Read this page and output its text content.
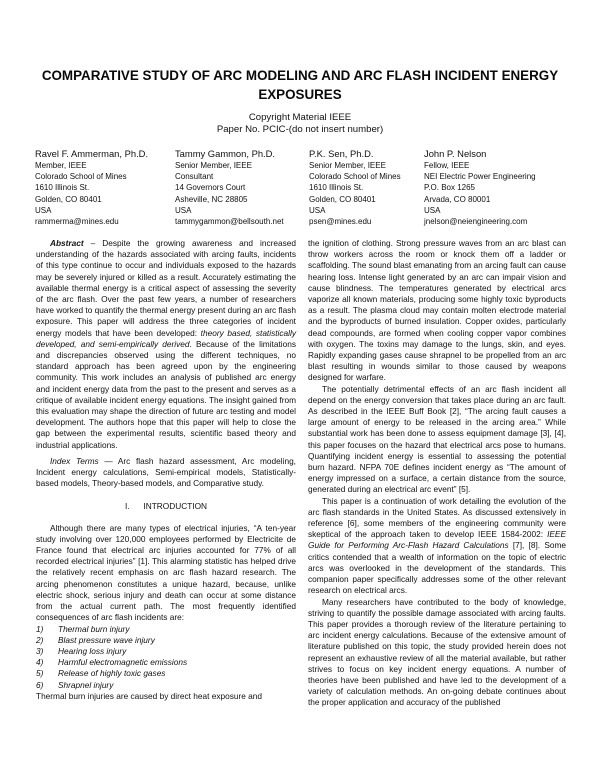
COMPARATIVE STUDY OF ARC MODELING AND ARC FLASH INCIDENT ENERGY EXPOSURES
Copyright Material IEEE
Paper No. PCIC-(do not insert number)
Ravel F. Ammerman, Ph.D.
Member, IEEE
Colorado School of Mines
1610 Illinois St.
Golden, CO 80401
USA
rammerma@mines.edu
Tammy Gammon, Ph.D.
Senior Member, IEEE
Consultant
14 Governors Court
Asheville, NC 28805
USA
tammygammon@bellsouth.net
P.K. Sen, Ph.D.
Senior Member, IEEE
Colorado School of Mines
1610 Illinois St.
Golden, CO 80401
USA
psen@mines.edu
John P. Nelson
Fellow, IEEE
NEI Electric Power Engineering
P.O. Box 1265
Arvada, CO 80001
USA
jnelson@neiengineering.com

Abstract – Despite the growing awareness and increased understanding of the hazards associated with arcing faults, incidents of this type continue to occur and individuals exposed to the hazards may be severely injured or killed as a result. Accurately estimating the available thermal energy is a critical aspect of assessing the severity of the arc flash. Over the past few years, a number of researchers have worked to quantify the thermal energy present during an arc flash exposure. This paper will address the three categories of incident energy models that have been developed: theory based, statistically developed, and semi-empirically derived. Because of the limitations and discrepancies observed using the different techniques, no standard approach has been agreed upon by the engineering community. This work includes an analysis of published arc energy and incident energy data from the past to the present and serves as a critique of available incident energy equations. The insight gained from this evaluation may shape the direction of future arc testing and model development. The authors hope that this paper will help to close the gap between the experimental results, scientific based theory and industrial applications.

Index Terms — Arc flash hazard assessment, Arc modeling, Incident energy calculations, Semi-empirical models, Statistically-based models, Theory-based models, and Comparative study.

I.      INTRODUCTION

Although there are many types of electrical injuries, “A ten-year study involving over 120,000 employees performed by Electricite de France found that electrical arc injuries accounted for 77% of all recorded electrical injuries” [1]. This alarming statistic has helped drive the relatively recent emphasis on arc flash hazard research. The arcing phenomenon constitutes a unique hazard, because, unlike electric shock, serious injury and death can occur at some distance from the actual current path. The most frequently identified consequences of arc flash incidents are:

1) Thermal burn injury
2) Blast pressure wave injury
3) Hearing loss injury
4) Harmful electromagnetic emissions
5) Release of highly toxic gases
6) Shrapnel injury

Thermal burn injuries are caused by direct heat exposure and

the ignition of clothing. Strong pressure waves from an arc blast can throw workers across the room or knock them off a ladder or scaffolding. The sound blast emanating from an arcing fault can cause hearing loss. Intense light generated by an arc can impair vision and cause blindness. The temperatures generated by electrical arcs vaporize all known materials, producing some highly toxic byproducts as a result. The plasma cloud may contain molten electrode material and the byproducts of burned insulation. Copper oxides, particularly dead compounds, are formed when cooling copper vapor combines with oxygen. The toxins may damage to the lungs, skin, and eyes. Rapidly expanding gases cause shrapnel to be propelled from an arc blast resulting in wounds similar to those caused by weapons designed for warfare.

The potentially detrimental effects of an arc flash incident all depend on the energy conversion that takes place during an arc fault. As described in the IEEE Buff Book [2], “The arcing fault causes a large amount of energy to be released in the arcing area.” While substantial work has been done to assess equipment damage [3], [4], this paper focuses on the hazard that electrical arcs pose to humans. Quantifying incident energy is essential to assessing the potential burn hazard. NFPA 70E defines incident energy as “The amount of energy impressed on a surface, a certain distance from the source, generated during an electrical arc event” [5].

This paper is a continuation of work detailing the evolution of the arc flash standards in the United States. As discussed extensively in reference [6], some members of the engineering community were skeptical of the approach taken to develop IEEE 1584-2002: IEEE Guide for Performing Arc-Flash Hazard Calculations [7], [8]. Some critics contended that a wealth of information on the topic of electric arcs was overlooked in the development of the standards. This companion paper specifically addresses some of the other relevant research on electrical arcs.

Many researchers have contributed to the body of knowledge, striving to quantify the possible damage associated with arcing faults. This paper provides a thorough review of the literature pertaining to arc incident energy calculations. Because of the extensive amount of literature published on this topic, the study provided herein does not represent an exhaustive review of all the material available, but rather strives to focus on key incident energy equations. A number of theories have been published and have led to the development of a variety of calculation methods. An on-going debate continues about the proper application and accuracy of the published
